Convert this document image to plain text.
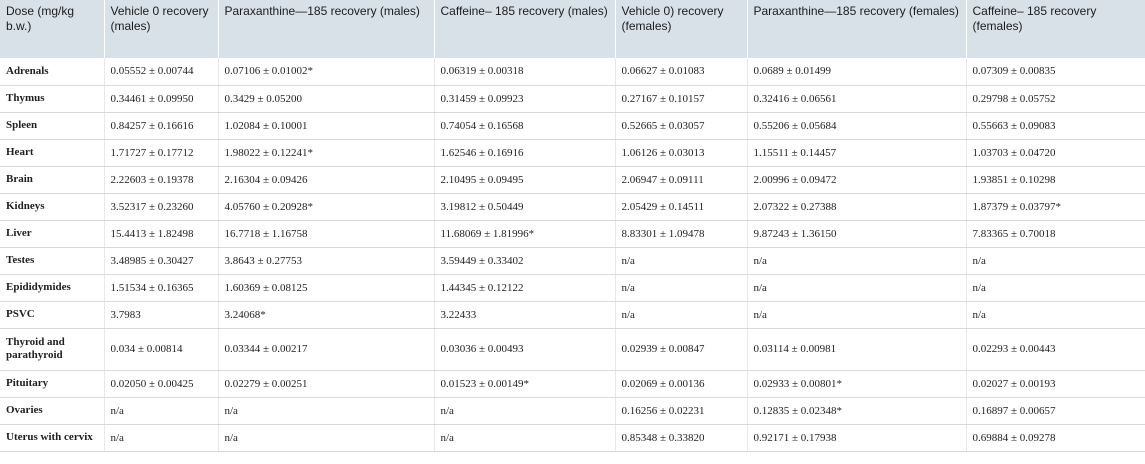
Dose (mg/kg b.w.)	Vehicle 0 recovery (males)	Paraxanthine—185 recovery (males)	Caffeine– 185 recovery (males)	Vehicle 0) recovery (females)	Paraxanthine—185 recovery (females)	Caffeine– 185 recovery (females)
Adrenals	0.05552 ± 0.00744	0.07106 ± 0.01002*	0.06319 ± 0.00318	0.06627 ± 0.01083	0.0689 ± 0.01499	0.07309 ± 0.00835
Thymus	0.34461 ± 0.09950	0.3429 ± 0.05200	0.31459 ± 0.09923	0.27167 ± 0.10157	0.32416 ± 0.06561	0.29798 ± 0.05752
Spleen	0.84257 ± 0.16616	1.02084 ± 0.10001	0.74054 ± 0.16568	0.52665 ± 0.03057	0.55206 ± 0.05684	0.55663 ± 0.09083
Heart	1.71727 ± 0.17712	1.98022 ± 0.12241*	1.62546 ± 0.16916	1.06126 ± 0.03013	1.15511 ± 0.14457	1.03703 ± 0.04720
Brain	2.22603 ± 0.19378	2.16304 ± 0.09426	2.10495 ± 0.09495	2.06947 ± 0.09111	2.00996 ± 0.09472	1.93851 ± 0.10298
Kidneys	3.52317 ± 0.23260	4.05760 ± 0.20928*	3.19812 ± 0.50449	2.05429 ± 0.14511	2.07322 ± 0.27388	1.87379 ± 0.03797*
Liver	15.4413 ± 1.82498	16.7718 ± 1.16758	11.68069 ± 1.81996*	8.83301 ± 1.09478	9.87243 ± 1.36150	7.83365 ± 0.70018
Testes	3.48985 ± 0.30427	3.8643 ± 0.27753	3.59449 ± 0.33402	n/a	n/a	n/a
Epididymides	1.51534 ± 0.16365	1.60369 ± 0.08125	1.44345 ± 0.12122	n/a	n/a	n/a
PSVC	3.7983	3.24068*	3.22433	n/a	n/a	n/a
Thyroid and parathyroid	0.034 ± 0.00814	0.03344 ± 0.00217	0.03036 ± 0.00493	0.02939 ± 0.00847	0.03114 ± 0.00981	0.02293 ± 0.00443
Pituitary	0.02050 ± 0.00425	0.02279 ± 0.00251	0.01523 ± 0.00149*	0.02069 ± 0.00136	0.02933 ± 0.00801*	0.02027 ± 0.00193
Ovaries	n/a	n/a	n/a	0.16256 ± 0.02231	0.12835 ± 0.02348*	0.16897 ± 0.00657
Uterus with cervix	n/a	n/a	n/a	0.85348 ± 0.33820	0.92171 ± 0.17938	0.69884 ± 0.09278
